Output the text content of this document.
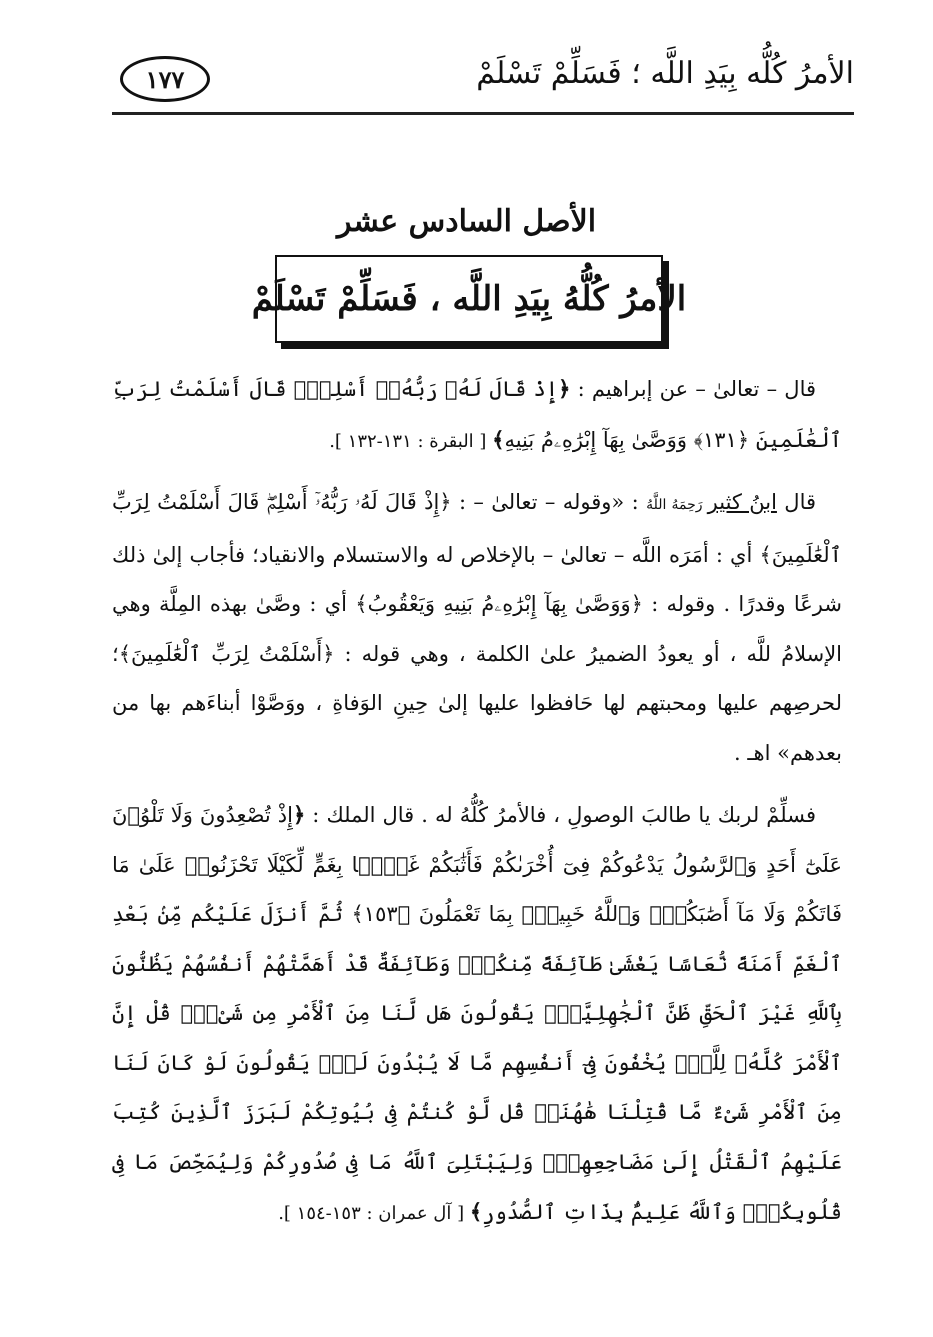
الأمرُ كُلُّه بِيَدِ اللَّه ؛ فَسَلِّمْ تَسْلَمْ
١٧٧
الأصل السادس عشر
الأمرُ كُلُّهُ بِيَدِ اللَّه ، فَسَلِّمْ تَسْلَمْ

قال – تعالىٰ – عن إبراهيم : ﴿إِذْ قَالَ لَهُۥ رَبُّهُۥٓ أَسْلِمْۖ قَالَ أَسْلَمْتُ لِرَبِّ ٱلْعَٰلَمِينَ ﴿١٣١﴾ وَوَصَّىٰ بِهَآ إِبْرَٰهِۦمُ بَنِيهِ﴾ [ البقرة : ١٣١-١٣٢ ].

قال ابنُ كثير رَحِمَهُ اللَّهُ : «وقوله – تعالىٰ – : ﴿إِذْ قَالَ لَهُۥ رَبُّهُۥٓ أَسْلِمْۖ قَالَ أَسْلَمْتُ لِرَبِّ ٱلْعَٰلَمِينَ﴾ أي : أمَرَه اللَّه – تعالىٰ – بالإخلاص له والاستسلام والانقياد؛ فأجاب إلىٰ ذلك شرعًا وقدرًا . وقوله : ﴿وَوَصَّىٰ بِهَآ إِبْرَٰهِۦمُ بَنِيهِ وَيَعْقُوبُ﴾ أي : وصَّىٰ بهذه المِلَّة وهي الإسلامُ للَّه ، أو يعودُ الضميرُ علىٰ الكلمة ، وهي قوله : ﴿أَسْلَمْتُ لِرَبِّ ٱلْعَٰلَمِينَ﴾؛ لحرصِهم عليها ومحبتهم لها حَافظوا عليها إلىٰ حِينِ الوَفاةِ ، ووَصَّوْا أبناءَهم بها من بعدهم» اهـ .

فسلِّمْ لربك يا طالبَ الوصولِ ، فالأمرُ كُلُّهُ له . قال الملك : ﴿إِذْ تُصْعِدُونَ وَلَا تَلْوُۥنَ عَلَىٰٓ أَحَدٍ وَٱلرَّسُولُ يَدْعُوكُمْ فِىٓ أُخْرَىٰكُمْ فَأَثَٰبَكُمْ غَمًّۢا بِغَمٍّ لِّكَيْلَا تَحْزَنُوا۟ عَلَىٰ مَا فَاتَكُمْ وَلَا مَآ أَصَٰبَكُمْۗ وَٱللَّهُ خَبِيرٌۢ بِمَا تَعْمَلُونَ ﴿١٥٣﴾ ثُمَّ أَنزَلَ عَلَيْكُم مِّنۢ بَعْدِ ٱلْغَمِّ أَمَنَةً نُّعَاسًا يَغْشَىٰ طَآئِفَةً مِّنكُمْۖ وَطَآئِفَةٌ قَدْ أَهَمَّتْهُمْ أَنفُسُهُمْ يَظُنُّونَ بِٱللَّهِ غَيْرَ ٱلْحَقِّ ظَنَّ ٱلْجَٰهِلِيَّةِۖ يَقُولُونَ هَل لَّنَا مِنَ ٱلْأَمْرِ مِن شَىْءٍۗ قُلْ إِنَّ ٱلْأَمْرَ كُلَّهُۥ لِلَّهِۗ يُخْفُونَ فِىٓ أَنفُسِهِم مَّا لَا يُبْدُونَ لَكَۖ يَقُولُونَ لَوْ كَانَ لَنَا مِنَ ٱلْأَمْرِ شَىْءٌ مَّا قُتِلْنَا هَٰهُنَاۗ قُل لَّوْ كُنتُمْ فِى بُيُوتِكُمْ لَبَرَزَ ٱلَّذِينَ كُتِبَ عَلَيْهِمُ ٱلْقَتْلُ إِلَىٰ مَضَاجِعِهِمْۖ وَلِيَبْتَلِىَ ٱللَّهُ مَا فِى صُدُورِكُمْ وَلِيُمَحِّصَ مَا فِى قُلُوبِكُمْۗ وَٱللَّهُ عَلِيمٌۢ بِذَاتِ ٱلصُّدُورِ﴾ [ آل عمران : ١٥٣-١٥٤ ].
